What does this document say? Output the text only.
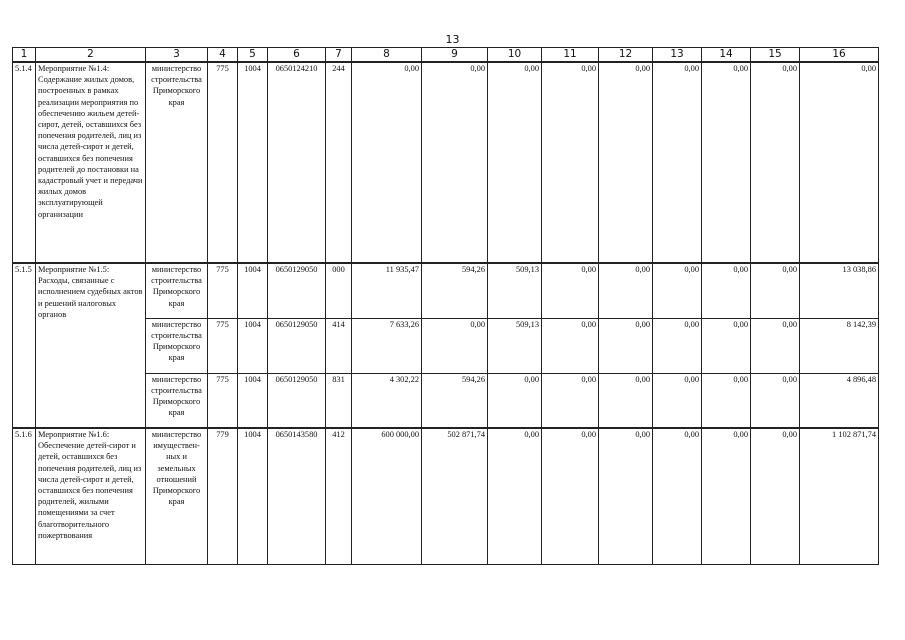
13
1	2	3	4	5	6	7	8	9	10	11	12	13	14	15	16
5.1.4	Мероприятие №1.4: Содержание жилых домов, построенных в рамках реализации мероприятия по обеспечению жильем детей-сирот, детей, оставшихся без попечения родителей, лиц из числа детей-сирот и детей, оставшихся без попечения родителей до постановки на кадастровый учет и передачи жилых домов эксплуатирующей организации	министерство строительства Приморского края	775	1004	0650124210	244	0,00	0,00	0,00	0,00	0,00	0,00	0,00	0,00	0,00
5.1.5	Мероприятие №1.5: Расходы, связанные с исполнением судебных актов и решений налоговых органов	министерство строительства Приморского края	775	1004	0650129050	000	11 935,47	594,26	509,13	0,00	0,00	0,00	0,00	0,00	13 038,86
		министерство строительства Приморского края	775	1004	0650129050	414	7 633,26	0,00	509,13	0,00	0,00	0,00	0,00	0,00	8 142,39
		министерство строительства Приморского края	775	1004	0650129050	831	4 302,22	594,26	0,00	0,00	0,00	0,00	0,00	0,00	4 896,48
5.1.6	Мероприятие №1.6: Обеспечение детей-сирот и детей, оставшихся без попечения родителей, лиц из числа детей-сирот и детей, оставшихся без попечения родителей, жилыми помещениями за счет благотворительного пожертвования	министерство имуществен-ных и земельных отношений Приморского края	779	1004	0650143580	412	600 000,00	502 871,74	0,00	0,00	0,00	0,00	0,00	0,00	1 102 871,74
